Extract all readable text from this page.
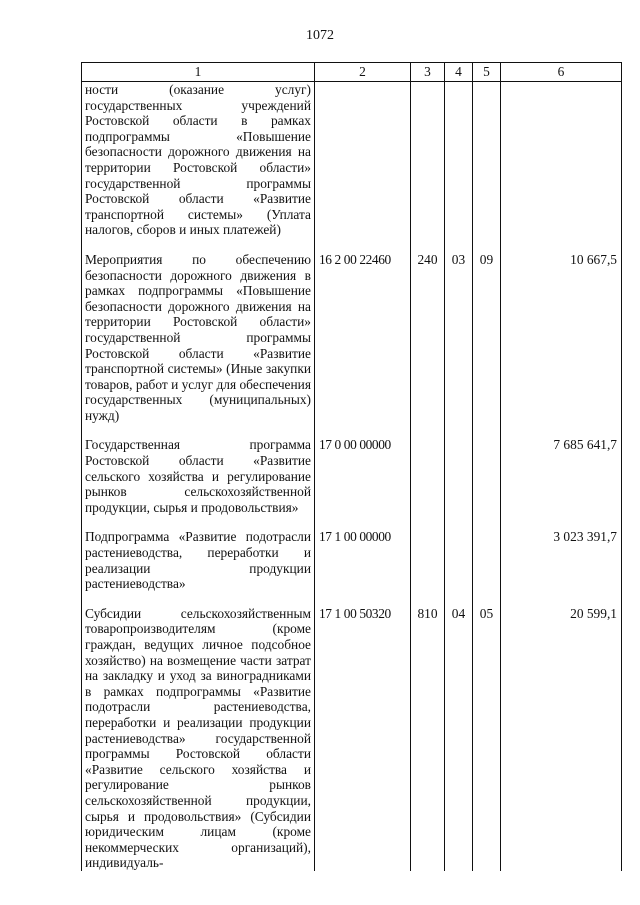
1072
1	2	3	4	5	6
ности (оказание услуг) государственных учреждений Ростовской области в рамках подпрограммы «Повышение безопасности дорожного движения на территории Ростовской области» государственной программы Ростовской области «Развитие транспортной системы» (Уплата налогов, сборов и иных платежей)					

Мероприятия по обеспечению безопасности дорожного движения в рамках подпрограммы «Повышение безопасности дорожного движения на территории Ростовской области» государственной программы Ростовской области «Развитие транспортной системы» (Иные закупки товаров, работ и услуг для обеспечения государственных (муниципальных) нужд)	16 2 00 22460	240	03	09	10 667,5

Государственная программа Ростовской области «Развитие сельского хозяйства и регулирование рынков сельскохозяйственной продукции, сырья и продовольствия»	17 0 00 00000				7 685 641,7

Подпрограмма «Развитие подотрасли растениеводства, переработки и реализации продукции растениеводства»	17 1 00 00000				3 023 391,7

Субсидии сельскохозяйственным товаропроизводителям (кроме граждан, ведущих личное подсобное хозяйство) на возмещение части затрат на закладку и уход за виноградниками в рамках подпрограммы «Развитие подотрасли растениеводства, переработки и реализации продукции растениеводства» государственной программы Ростовской области «Развитие сельского хозяйства и регулирование рынков сельскохозяйственной продукции, сырья и продовольствия» (Субсидии юридическим лицам (кроме некоммерческих организаций), индивидуаль-	17 1 00 50320	810	04	05	20 599,1
